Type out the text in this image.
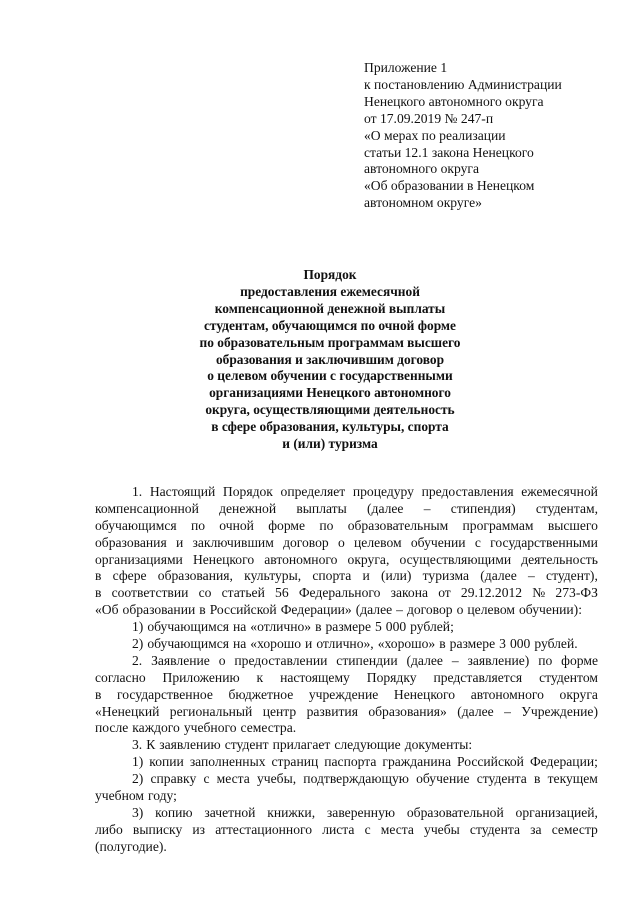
Приложение 1
к постановлению Администрации
Ненецкого автономного округа
от 17.09.2019 № 247-п
«О мерах по реализации
статьи 12.1 закона Ненецкого
автономного округа
«Об образовании в Ненецком
автономном округе»
Порядок
предоставления ежемесячной
компенсационной денежной выплаты
студентам, обучающимся по очной форме
по образовательным программам высшего
образования и заключившим договор
о целевом обучении с государственными
организациями Ненецкого автономного
округа, осуществляющими деятельность
в сфере образования, культуры, спорта
и (или) туризма
1. Настоящий Порядок определяет процедуру предоставления ежемесячной
компенсационной денежной выплаты (далее – стипендия) студентам,
обучающимся по очной форме по образовательным программам высшего
образования и заключившим договор о целевом обучении с государственными
организациями Ненецкого автономного округа, осуществляющими деятельность
в сфере образования, культуры, спорта и (или) туризма (далее – студент),
в соответствии со статьей 56 Федерального закона от 29.12.2012 № 273-ФЗ
«Об образовании в Российской Федерации» (далее – договор о целевом обучении):
1) обучающимся на «отлично» в размере 5 000 рублей;
2) обучающимся на «хорошо и отлично», «хорошо» в размере 3 000 рублей.
2. Заявление о предоставлении стипендии (далее – заявление) по форме
согласно Приложению к настоящему Порядку представляется студентом
в государственное бюджетное учреждение Ненецкого автономного округа
«Ненецкий региональный центр развития образования» (далее – Учреждение)
после каждого учебного семестра.
3. К заявлению студент прилагает следующие документы:
1) копии заполненных страниц паспорта гражданина Российской Федерации;
2) справку с места учебы, подтверждающую обучение студента в текущем
учебном году;
3) копию зачетной книжки, заверенную образовательной организацией,
либо выписку из аттестационного листа с места учебы студента за семестр
(полугодие).
